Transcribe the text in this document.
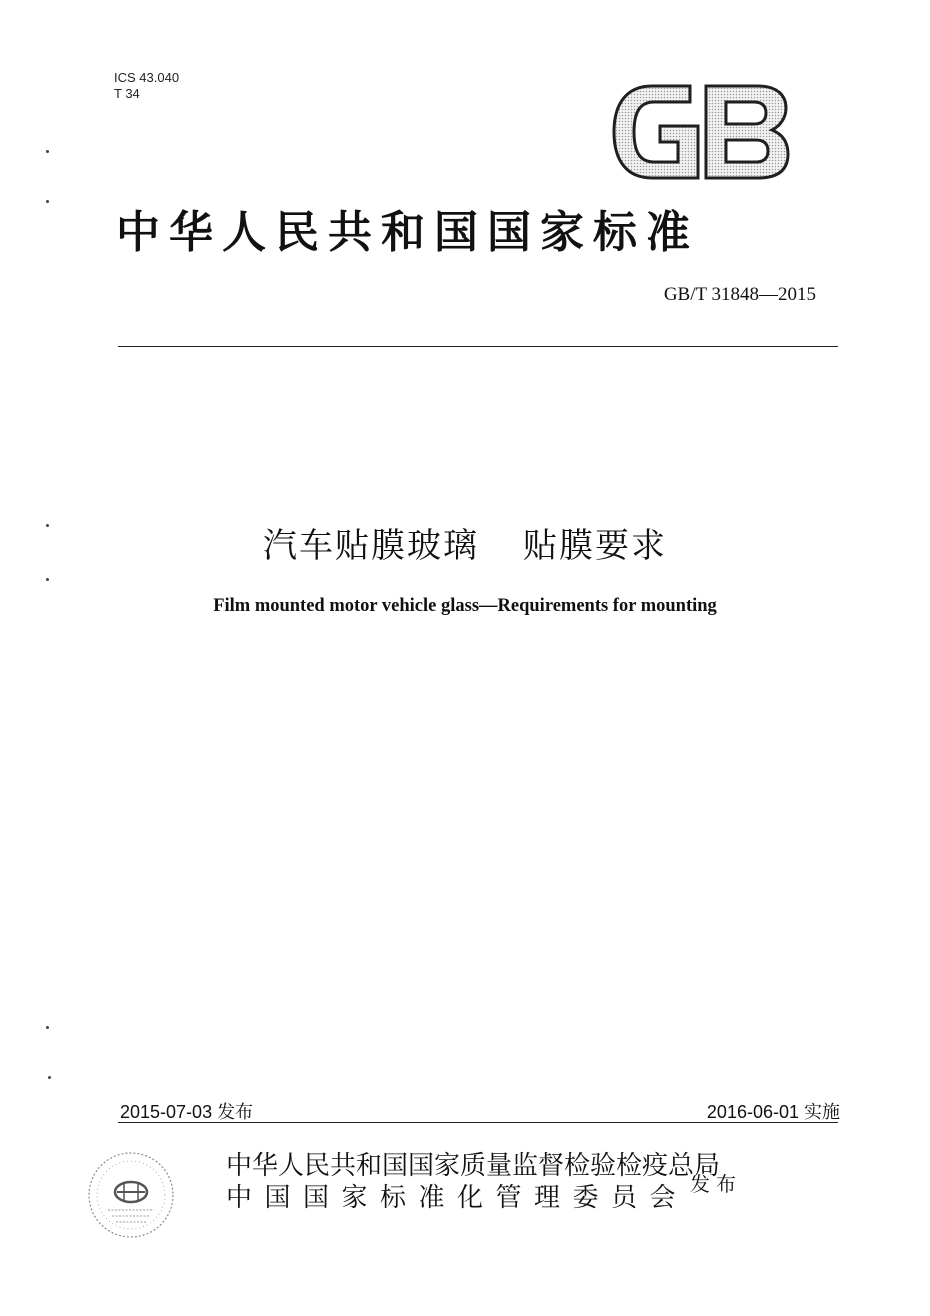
ICS 43.040
T 34
中华人民共和国国家标准
GB/T 31848—2015
汽车贴膜玻璃 贴膜要求
Film mounted motor vehicle glass—Requirements for mounting
2015-07-03 发布	2016-06-01 实施
中华人民共和国国家质量监督检验检疫总局
中国国家标准化管理委员会 发布
